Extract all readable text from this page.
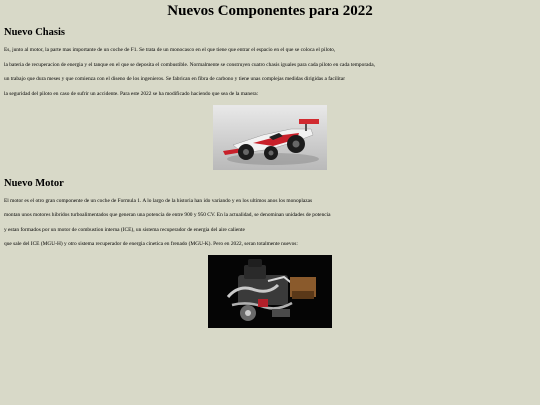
Nuevos Componentes para 2022
Nuevo Chasis

Es, junto al motor, la parte mas importante de un coche de F1. Se trata de un monocasco en el que tiene que entrar el espacio en el que se coloca el piloto,

la bateria de recuperacion de energia y el tanque en el que se deposita el combustible. Normalmente se construyen cuatro chasis iguales para cada piloto en cada temporada,

un trabajo que dura meses y que comienza con el diseno de los ingenieros. Se fabrican en fibra de carbono y tiene unas complejas medidas dirigidas a facilitar

la seguridad del piloto en caso de sufrir un accidente. Para este 2022 se ha modificado haciendo que sea de la manera:

Nuevo Motor

El motor es el otro gran componente de un coche de Formula 1. A lo largo de la historia han ido variando y en los ultimos anos los monoplazas

montan unos motores hibridos turboalimentados que generan una potencia de entre 900 y 950 CV. En la actualidad, se denominan unidades de potencia

y estan formados por un motor de combustion interna (ICE), un sistema recuperador de energia del aire caliente

que sale del ICE (MGU-H) y otro sistema recuperador de energia cinetica en frenado (MGU-K). Pero en 2022, seran totalmente nuevos:
